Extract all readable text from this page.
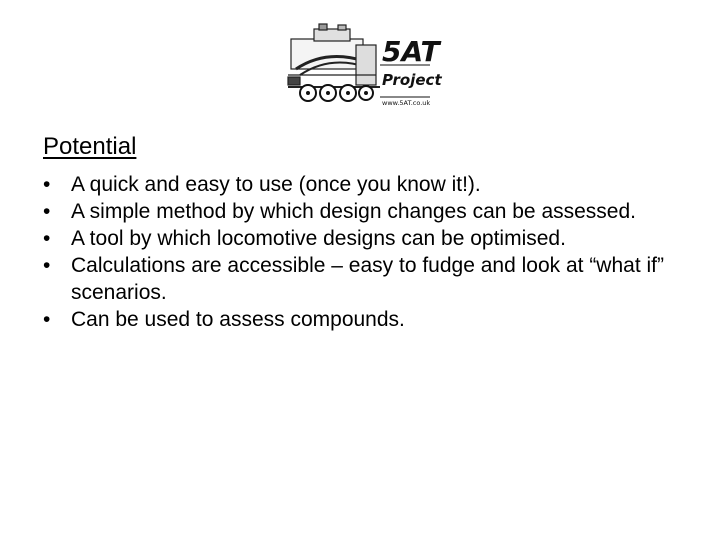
5AT
Project
www.5AT.co.uk
Potential
• A quick and easy to use (once you know it!).
• A simple method by which design changes can be assessed.
• A tool by which locomotive designs can be optimised.
• Calculations are accessible – easy to fudge and look at “what if” scenarios.
• Can be used to assess compounds.
